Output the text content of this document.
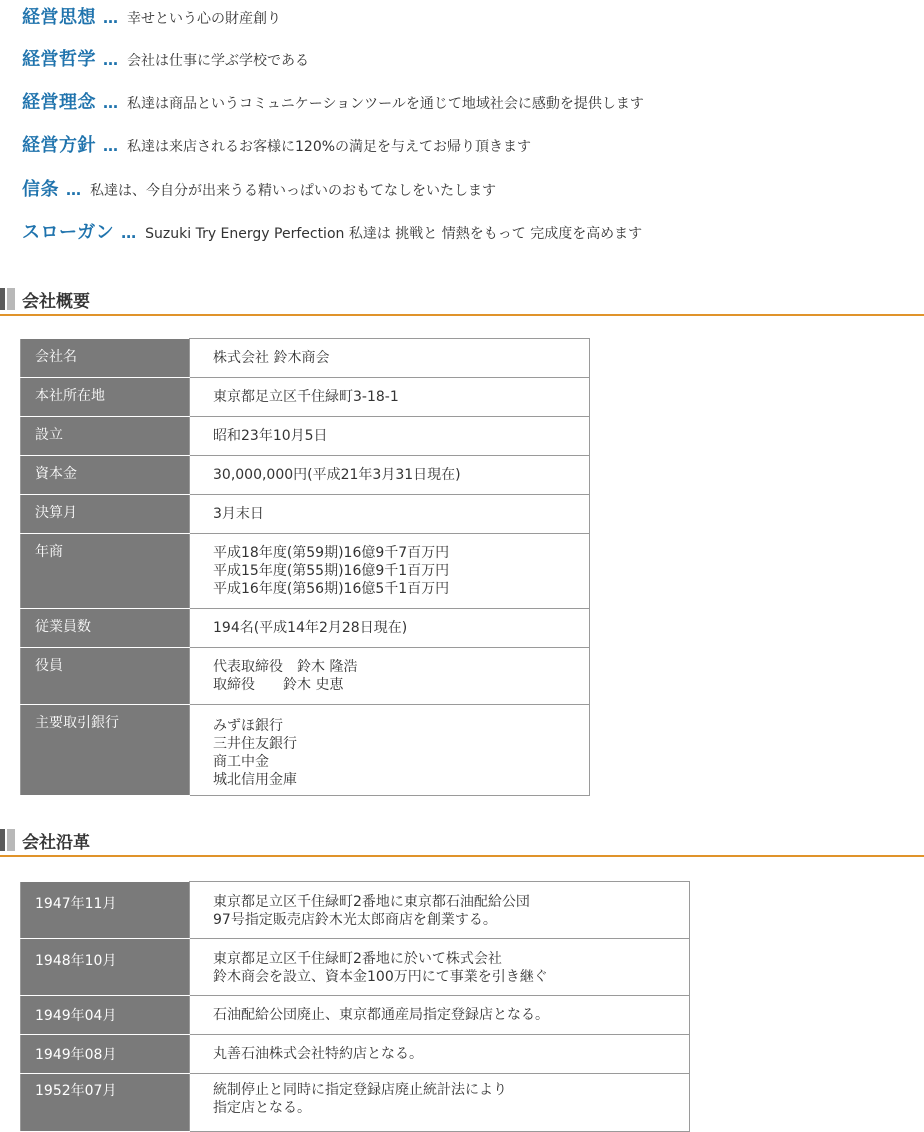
経営思想 … 幸せという心の財産創り
経営哲学 … 会社は仕事に学ぶ学校である
経営理念 … 私達は商品というコミュニケーションツールを通じて地域社会に感動を提供します
経営方針 … 私達は来店されるお客様に120%の満足を与えてお帰り頂きます
信条 … 私達は、今自分が出来うる精いっぱいのおもてなしをいたします
スローガン … Suzuki Try Energy Perfection 私達は 挑戦と 情熱をもって 完成度を高めます
会社概要
会社名	株式会社 鈴木商会

本社所在地	東京都足立区千住緑町3-18-1

設立	昭和23年10月5日

資本金	30,000,000円(平成21年3月31日現在)

決算月	3月末日

年商	平成18年度(第59期)16億9千7百万円
平成15年度(第55期)16億9千1百万円
平成16年度(第56期)16億5千1百万円

従業員数	194名(平成14年2月28日現在)

役員	代表取締役　鈴木 隆浩
取締役　　鈴木 史恵

主要取引銀行	みずほ銀行
三井住友銀行
商工中金
城北信用金庫
会社沿革
1947年11月	東京都足立区千住緑町2番地に東京都石油配給公団
97号指定販売店鈴木光太郎商店を創業する。

1948年10月	東京都足立区千住緑町2番地に於いて株式会社
鈴木商会を設立、資本金100万円にて事業を引き継ぐ

1949年04月	石油配給公団廃止、東京都通産局指定登録店となる。

1949年08月	丸善石油株式会社特約店となる。

1952年07月	統制停止と同時に指定登録店廃止統計法により
指定店となる。
